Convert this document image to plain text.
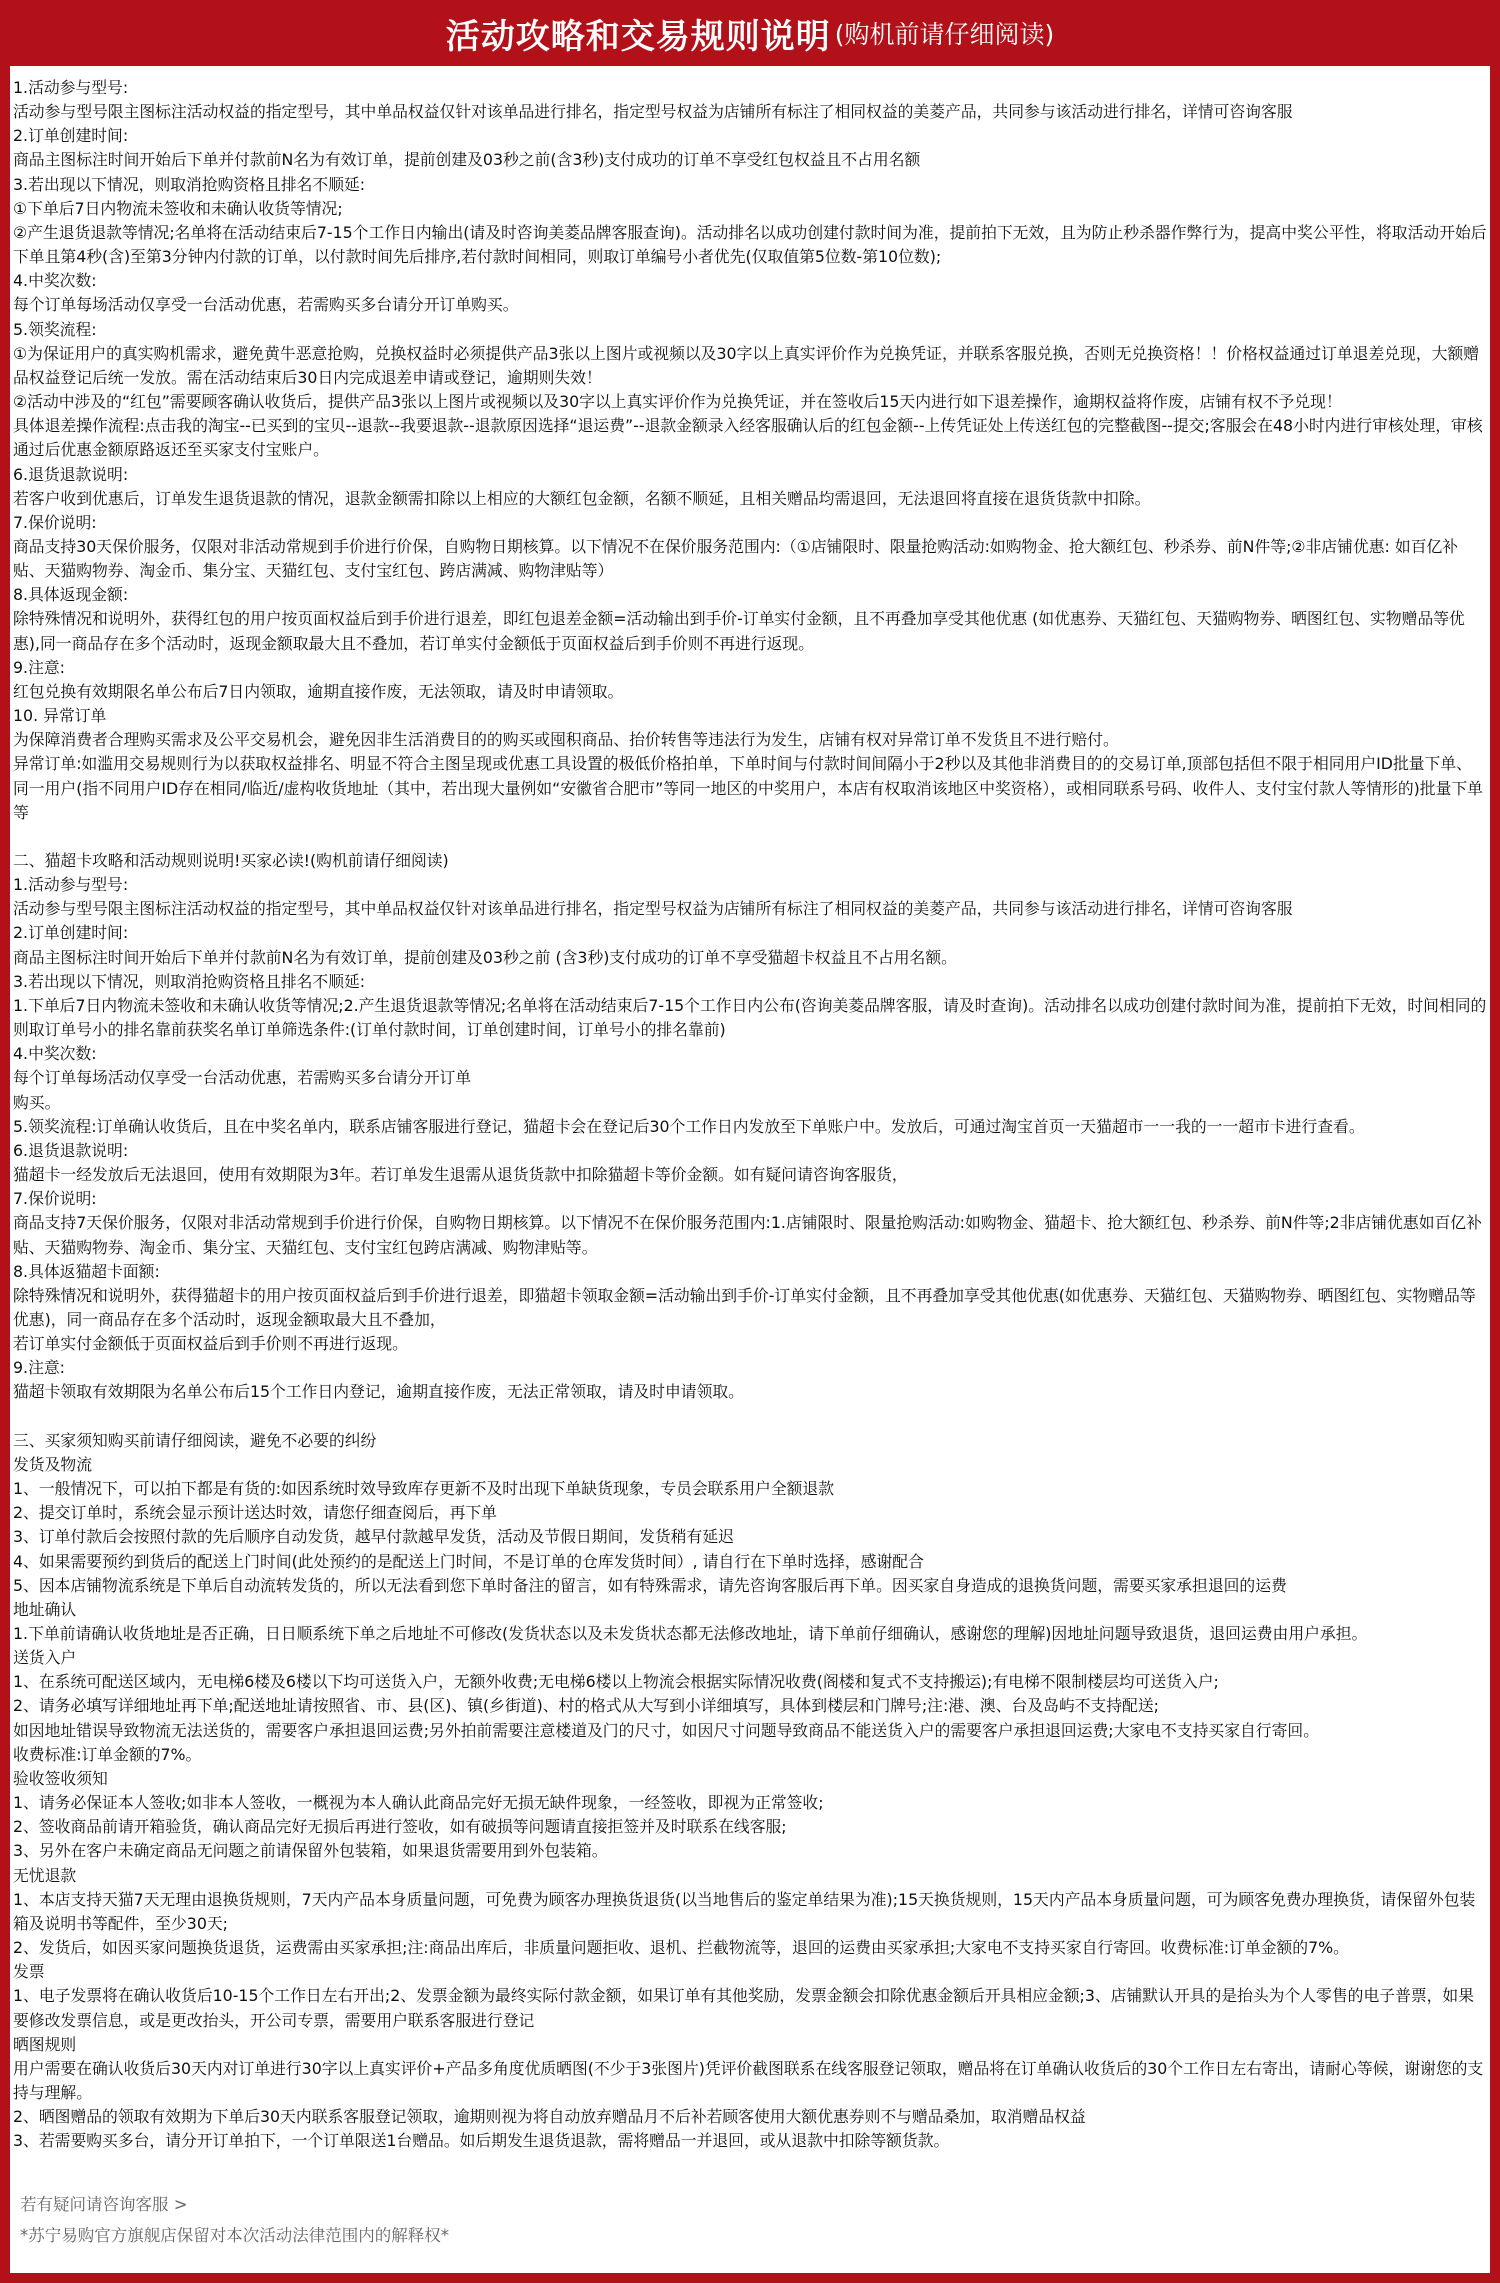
活动攻略和交易规则说明 (购机前请仔细阅读)
1.活动参与型号:
活动参与型号限主图标注活动权益的指定型号，其中单品权益仅针对该单品进行排名，指定型号权益为店铺所有标注了相同权益的美菱产品，共同参与该活动进行排名，详情可咨询客服
2.订单创建时间:
商品主图标注时间开始后下单并付款前N名为有效订单，提前创建及03秒之前(含3秒)支付成功的订单不享受红包权益且不占用名额
3.若出现以下情况，则取消抢购资格且排名不顺延:
①下单后7日内物流未签收和未确认收货等情况;
②产生退货退款等情况;名单将在活动结束后7-15个工作日内输出(请及时咨询美菱品牌客服查询)。活动排名以成功创建付款时间为准，提前拍下无效，且为防止秒杀器作弊行为，提高中奖公平性，将取活动开始后下单且第4秒(含)至第3分钟内付款的订单，以付款时间先后排序,若付款时间相同，则取订单编号小者优先(仅取值第5位数-第10位数);
4.中奖次数:
每个订单每场活动仅享受一台活动优惠，若需购买多台请分开订单购买。
5.领奖流程:
①为保证用户的真实购机需求，避免黄牛恶意抢购，兑换权益时必须提供产品3张以上图片或视频以及30字以上真实评价作为兑换凭证，并联系客服兑换，否则无兑换资格！！价格权益通过订单退差兑现，大额赠品权益登记后统一发放。需在活动结束后30日内完成退差申请或登记，逾期则失效！
②活动中涉及的“红包”需要顾客确认收货后，提供产品3张以上图片或视频以及30字以上真实评价作为兑换凭证，并在签收后15天内进行如下退差操作，逾期权益将作废，店铺有权不予兑现！
具体退差操作流程:点击我的淘宝--已买到的宝贝--退款--我要退款--退款原因选择“退运费”--退款金额录入经客服确认后的红包金额--上传凭证处上传送红包的完整截图--提交;客服会在48小时内进行审核处理，审核通过后优惠金额原路返还至买家支付宝账户。
6.退货退款说明:
若客户收到优惠后，订单发生退货退款的情况，退款金额需扣除以上相应的大额红包金额，名额不顺延，且相关赠品均需退回，无法退回将直接在退货货款中扣除。
7.保价说明:
商品支持30天保价服务，仅限对非活动常规到手价进行价保，自购物日期核算。以下情况不在保价服务范围内:（①店铺限时、限量抢购活动:如购物金、抢大额红包、秒杀券、前N件等;②非店铺优惠: 如百亿补贴、天猫购物券、淘金币、集分宝、天猫红包、支付宝红包、跨店满减、购物津贴等）
8.具体返现金额:
除特殊情况和说明外，获得红包的用户按页面权益后到手价进行退差，即红包退差金额=活动输出到手价-订单实付金额，且不再叠加享受其他优惠 (如优惠券、天猫红包、天猫购物券、晒图红包、实物赠品等优惠),同一商品存在多个活动时，返现金额取最大且不叠加，若订单实付金额低于页面权益后到手价则不再进行返现。
9.注意:
红包兑换有效期限名单公布后7日内领取，逾期直接作废，无法领取，请及时申请领取。
10. 异常订单
为保障消费者合理购买需求及公平交易机会，避免因非生活消费目的的购买或囤积商品、抬价转售等违法行为发生，店铺有权对异常订单不发货且不进行赔付。
异常订单:如滥用交易规则行为以获取权益排名、明显不符合主图呈现或优惠工具设置的极低价格拍单，下单时间与付款时间间隔小于2秒以及其他非消费目的的交易订单,顶部包括但不限于相同用户ID批量下单、同一用户(指不同用户ID存在相同/临近/虚构收货地址（其中，若出现大量例如“安徽省合肥市”等同一地区的中奖用户，本店有权取消该地区中奖资格），或相同联系号码、收件人、支付宝付款人等情形的)批量下单等

二、猫超卡攻略和活动规则说明!买家必读!(购机前请仔细阅读)
1.活动参与型号:
活动参与型号限主图标注活动权益的指定型号，其中单品权益仅针对该单品进行排名，指定型号权益为店铺所有标注了相同权益的美菱产品，共同参与该活动进行排名，详情可咨询客服
2.订单创建时间:
商品主图标注时间开始后下单并付款前N名为有效订单，提前创建及03秒之前 (含3秒)支付成功的订单不享受猫超卡权益且不占用名额。
3.若出现以下情况，则取消抢购资格且排名不顺延:
1.下单后7日内物流未签收和未确认收货等情况;2.产生退货退款等情况;名单将在活动结束后7-15个工作日内公布(咨询美菱品牌客服，请及时查询)。活动排名以成功创建付款时间为准，提前拍下无效，时间相同的则取订单号小的排名靠前获奖名单订单筛选条件:(订单付款时间，订单创建时间，订单号小的排名靠前)
4.中奖次数:
每个订单每场活动仅享受一台活动优惠，若需购买多台请分开订单
购买。
5.领奖流程:订单确认收货后，且在中奖名单内，联系店铺客服进行登记，猫超卡会在登记后30个工作日内发放至下单账户中。发放后，可通过淘宝首页一天猫超市一一我的一一超市卡进行查看。
6.退货退款说明:
猫超卡一经发放后无法退回，使用有效期限为3年。若订单发生退需从退货货款中扣除猫超卡等价金额。如有疑问请咨询客服货，
7.保价说明:
商品支持7天保价服务，仅限对非活动常规到手价进行价保，自购物日期核算。以下情况不在保价服务范围内:1.店铺限时、限量抢购活动:如购物金、猫超卡、抢大额红包、秒杀券、前N件等;2非店铺优惠如百亿补贴、天猫购物券、淘金币、集分宝、天猫红包、支付宝红包跨店满减、购物津贴等。
8.具体返猫超卡面额:
除特殊情况和说明外，获得猫超卡的用户按页面权益后到手价进行退差，即猫超卡领取金额=活动输出到手价-订单实付金额，且不再叠加享受其他优惠(如优惠券、天猫红包、天猫购物券、晒图红包、实物赠品等优惠)，同一商品存在多个活动时，返现金额取最大且不叠加，
若订单实付金额低于页面权益后到手价则不再进行返现。
9.注意:
猫超卡领取有效期限为名单公布后15个工作日内登记，逾期直接作废，无法正常领取，请及时申请领取。

三、买家须知购买前请仔细阅读，避免不必要的纠纷
发货及物流
1、一般情况下，可以拍下都是有货的:如因系统时效导致库存更新不及时出现下单缺货现象，专员会联系用户全额退款
2、提交订单时，系统会显示预计送达时效，请您仔细查阅后，再下单
3、订单付款后会按照付款的先后顺序自动发货，越早付款越早发货，活动及节假日期间，发货稍有延迟
4、如果需要预约到货后的配送上门时间(此处预约的是配送上门时间，不是订单的仓库发货时间）, 请自行在下单时选择，感谢配合
5、因本店铺物流系统是下单后自动流转发货的，所以无法看到您下单时备注的留言，如有特殊需求，请先咨询客服后再下单。因买家自身造成的退换货问题，需要买家承担退回的运费
地址确认
1.下单前请确认收货地址是否正确，日日顺系统下单之后地址不可修改(发货状态以及未发货状态都无法修改地址，请下单前仔细确认，感谢您的理解)因地址问题导致退货，退回运费由用户承担。
送货入户
1、在系统可配送区域内，无电梯6楼及6楼以下均可送货入户，无额外收费;无电梯6楼以上物流会根据实际情况收费(阁楼和复式不支持搬运);有电梯不限制楼层均可送货入户;
2、请务必填写详细地址再下单;配送地址请按照省、市、县(区)、镇(乡街道)、村的格式从大写到小详细填写，具体到楼层和门牌号;注:港、澳、台及岛屿不支持配送;
如因地址错误导致物流无法送货的，需要客户承担退回运费;另外拍前需要注意楼道及门的尺寸，如因尺寸问题导致商品不能送货入户的需要客户承担退回运费;大家电不支持买家自行寄回。
收费标准:订单金额的7%。
验收签收须知
1、请务必保证本人签收;如非本人签收，一概视为本人确认此商品完好无损无缺件现象，一经签收，即视为正常签收;
2、签收商品前请开箱验货，确认商品完好无损后再进行签收，如有破损等问题请直接拒签并及时联系在线客服;
3、另外在客户未确定商品无问题之前请保留外包装箱，如果退货需要用到外包装箱。
无忧退款
1、本店支持天猫7天无理由退换货规则，7天内产品本身质量问题，可免费为顾客办理换货退货(以当地售后的鉴定单结果为准);15天换货规则，15天内产品本身质量问题，可为顾客免费办理换货，请保留外包装箱及说明书等配件，至少30天;
2、发货后，如因买家问题换货退货，运费需由买家承担;注:商品出库后，非质量问题拒收、退机、拦截物流等，退回的运费由买家承担;大家电不支持买家自行寄回。收费标准:订单金额的7%。
发票
1、电子发票将在确认收货后10-15个工作日左右开出;2、发票金额为最终实际付款金额，如果订单有其他奖励，发票金额会扣除优惠金额后开具相应金额;3、店铺默认开具的是抬头为个人零售的电子普票，如果要修改发票信息，或是更改抬头，开公司专票，需要用户联系客服进行登记
晒图规则
用户需要在确认收货后30天内对订单进行30字以上真实评价+产品多角度优质晒图(不少于3张图片)凭评价截图联系在线客服登记领取，赠品将在订单确认收货后的30个工作日左右寄出，请耐心等候，谢谢您的支持与理解。
2、晒图赠品的领取有效期为下单后30天内联系客服登记领取，逾期则视为将自动放弃赠品月不后补若顾客使用大额优惠券则不与赠品桑加，取消赠品权益
3、若需要购买多台，请分开订单拍下，一个订单限送1台赠品。如后期发生退货退款，需将赠品一并退回，或从退款中扣除等额货款。
若有疑问请咨询客服 >
*苏宁易购官方旗舰店保留对本次活动法律范围内的解释权*
